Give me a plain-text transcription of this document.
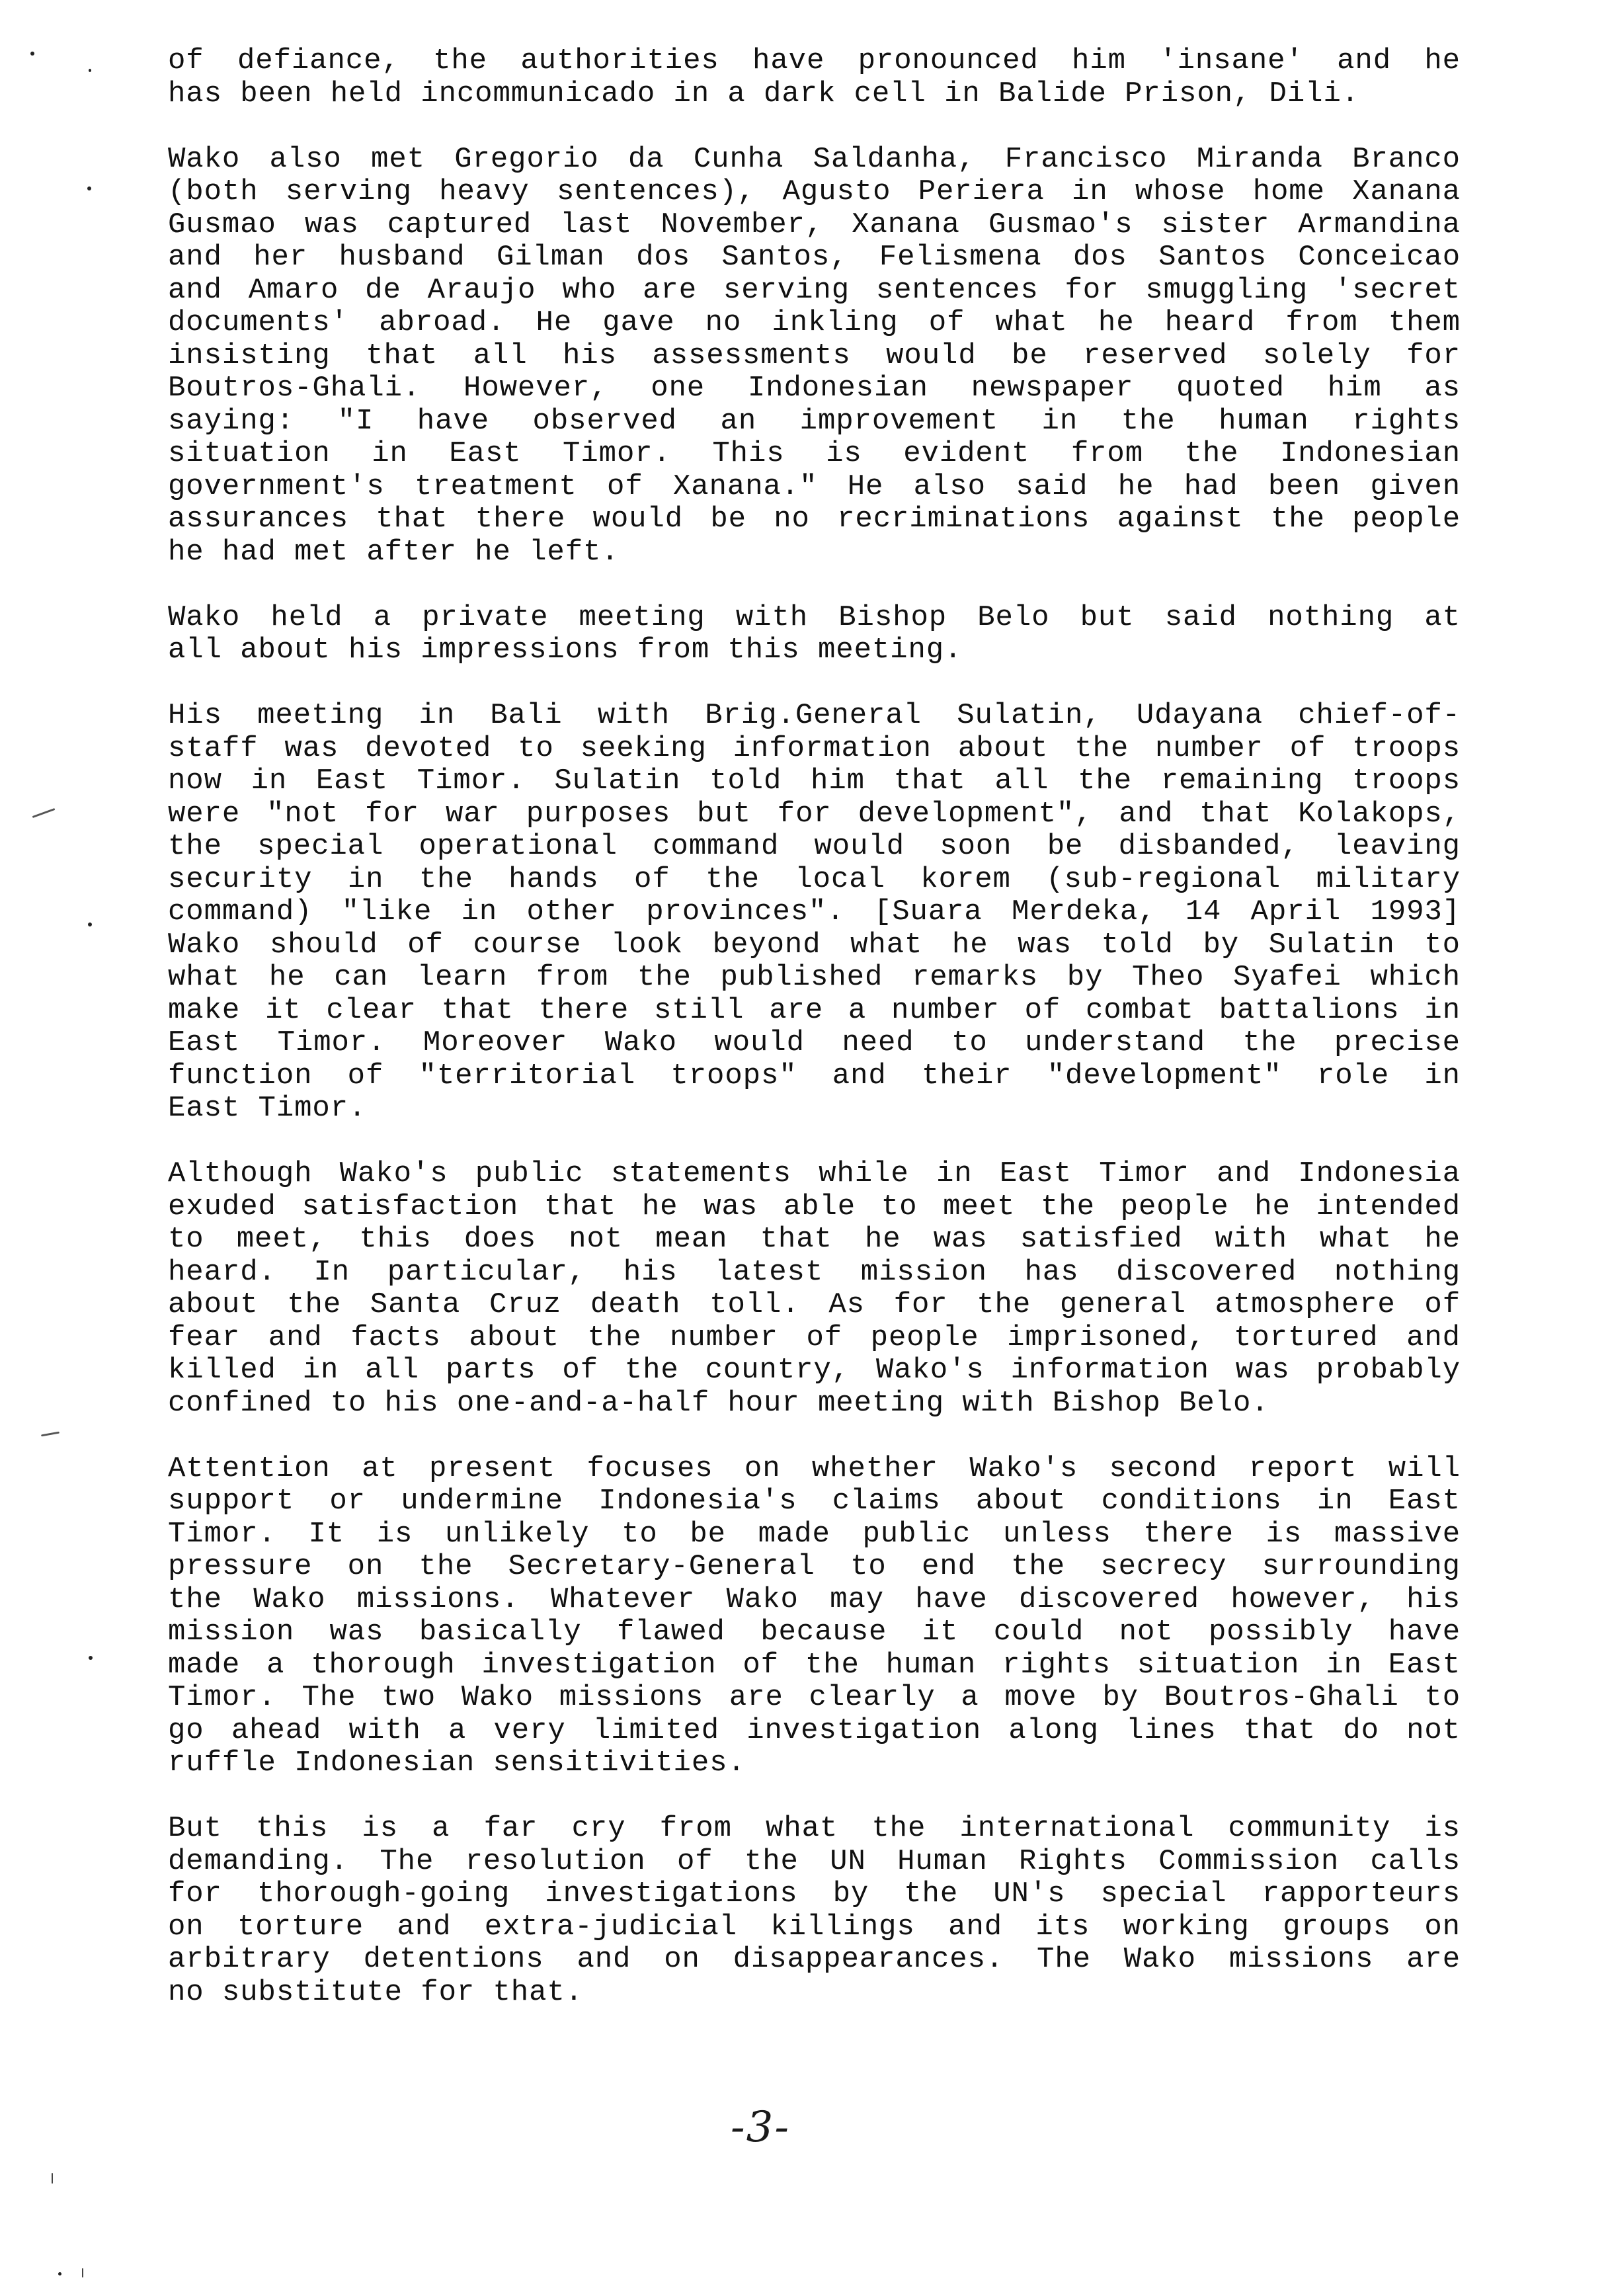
of defiance, the authorities have pronounced him 'insane' and he
has been held incommunicado in a dark cell in Balide Prison, Dili.
Wako also met Gregorio da Cunha Saldanha, Francisco Miranda Branco
(both serving heavy sentences), Agusto Periera in whose home Xanana
Gusmao was captured last November, Xanana Gusmao's sister Armandina
and her husband Gilman dos Santos, Felismena dos Santos Conceicao
and Amaro de Araujo who are serving sentences for smuggling 'secret
documents' abroad. He gave no inkling of what he heard from them
insisting that all his assessments would be reserved solely for
Boutros-Ghali. However, one Indonesian newspaper quoted him as
saying: "I have observed an improvement in the human rights
situation in East Timor. This is evident from the Indonesian
government's treatment of Xanana." He also said he had been given
assurances that there would be no recriminations against the people
he had met after he left.
Wako held a private meeting with Bishop Belo but said nothing at
all about his impressions from this meeting.
His meeting in Bali with Brig.General Sulatin, Udayana chief-of-
staff was devoted to seeking information about the number of troops
now in East Timor. Sulatin told him that all the remaining troops
were "not for war purposes but for development", and that Kolakops,
the special operational command would soon be disbanded, leaving
security in the hands of the local korem (sub-regional military
command) "like in other provinces". [Suara Merdeka, 14 April 1993]
Wako should of course look beyond what he was told by Sulatin to
what he can learn from the published remarks by Theo Syafei which
make it clear that there still are a number of combat battalions in
East Timor. Moreover Wako would need to understand the precise
function of "territorial troops" and their "development" role in
East Timor.
Although Wako's public statements while in East Timor and Indonesia
exuded satisfaction that he was able to meet the people he intended
to meet, this does not mean that he was satisfied with what he
heard. In particular, his latest mission has discovered nothing
about the Santa Cruz death toll. As for the general atmosphere of
fear and facts about the number of people imprisoned, tortured and
killed in all parts of the country, Wako's information was probably
confined to his one-and-a-half hour meeting with Bishop Belo.
Attention at present focuses on whether Wako's second report will
support or undermine Indonesia's claims about conditions in East
Timor. It is unlikely to be made public unless there is massive
pressure on the Secretary-General to end the secrecy surrounding
the Wako missions. Whatever Wako may have discovered however, his
mission was basically flawed because it could not possibly have
made a thorough investigation of the human rights situation in East
Timor. The two Wako missions are clearly a move by Boutros-Ghali to
go ahead with a very limited investigation along lines that do not
ruffle Indonesian sensitivities.
But this is a far cry from what the international community is
demanding. The resolution of the UN Human Rights Commission calls
for thorough-going investigations by the UN's special rapporteurs
on torture and extra-judicial killings and its working groups on
arbitrary detentions and on disappearances. The Wako missions are
no substitute for that.
-3-
